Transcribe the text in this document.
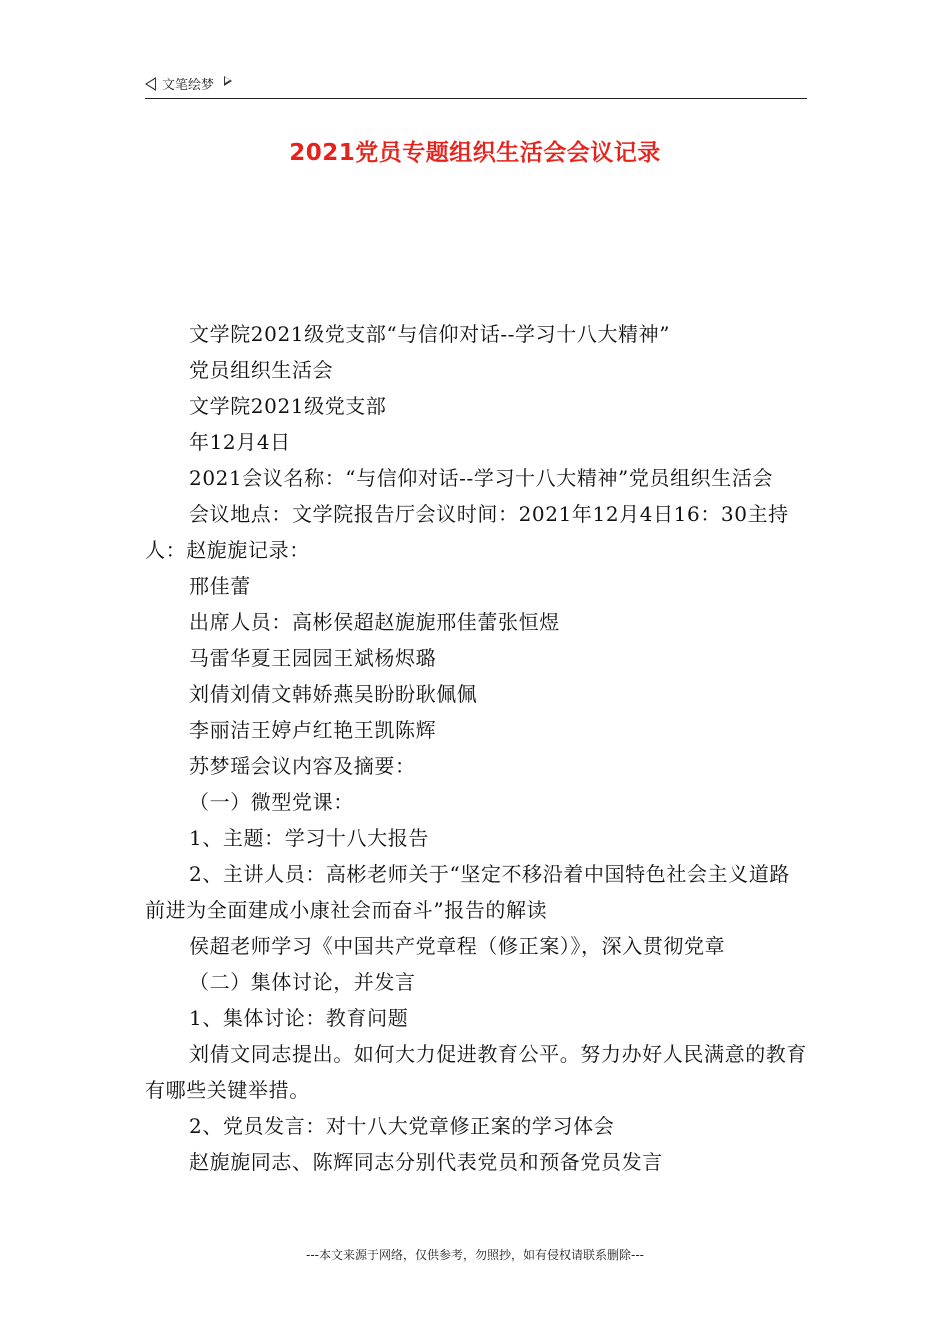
文笔绘梦
2021党员专题组织生活会会议记录

文学院2021级党支部“与信仰对话--学习十八大精神”

党员组织生活会

文学院2021级党支部

年12月4日

2021会议名称：“与信仰对话--学习十八大精神”党员组织生活会

会议地点：文学院报告厅会议时间：2021年12月4日16：30主持人：赵旎旎记录：

邢佳蕾

出席人员：高彬侯超赵旎旎邢佳蕾张恒煜

马雷华夏王园园王斌杨烬璐

刘倩刘倩文韩娇燕吴盼盼耿佩佩

李丽洁王婷卢红艳王凯陈辉

苏梦瑶会议内容及摘要：

（一）微型党课：

1、主题：学习十八大报告

2、主讲人员：高彬老师关于“坚定不移沿着中国特色社会主义道路前进为全面建成小康社会而奋斗”报告的解读

侯超老师学习《中国共产党章程（修正案）》，深入贯彻党章

（二）集体讨论，并发言

1、集体讨论：教育问题

刘倩文同志提出。如何大力促进教育公平。努力办好人民满意的教育有哪些关键举措。

2、党员发言：对十八大党章修正案的学习体会

赵旎旎同志、陈辉同志分别代表党员和预备党员发言

---本文来源于网络，仅供参考，勿照抄，如有侵权请联系删除---
